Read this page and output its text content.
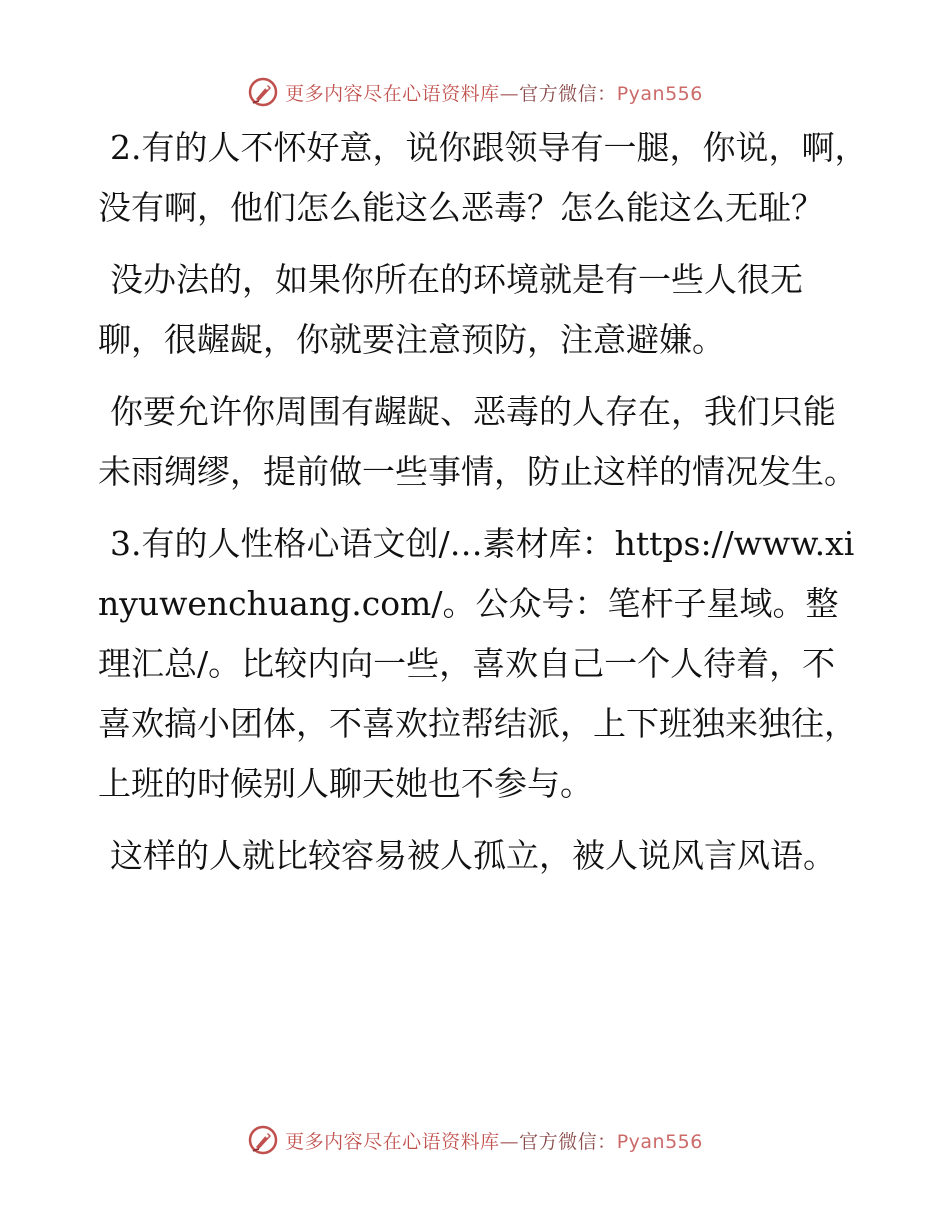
更多内容尽在心语资料库—官方微信：Pyan556

2.有的人不怀好意，说你跟领导有一腿，你说，啊，没有啊，他们怎么能这么恶毒？怎么能这么无耻？

没办法的，如果你所在的环境就是有一些人很无聊，很龌龊，你就要注意预防，注意避嫌。

你要允许你周围有龌龊、恶毒的人存在，我们只能未雨绸缪，提前做一些事情，防止这样的情况发生。

3.有的人性格心语文创/…素材库：https://www.xinyuwenchuang.com/。公众号：笔杆子星域。整理汇总/。比较内向一些，喜欢自己一个人待着，不喜欢搞小团体，不喜欢拉帮结派，上下班独来独往，上班的时候别人聊天她也不参与。

这样的人就比较容易被人孤立，被人说风言风语。

更多内容尽在心语资料库—官方微信：Pyan556
